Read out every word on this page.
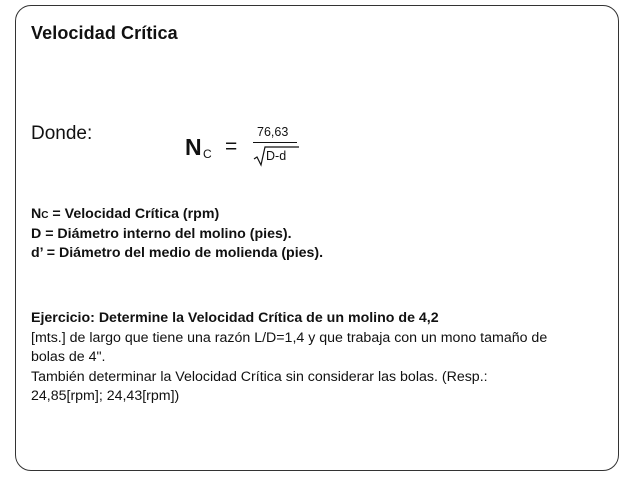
Velocidad Crítica
Donde:
N C =
76,63
D-d
NC = Velocidad Crítica (rpm)
D = Diámetro interno del molino (pies).
d’ = Diámetro del medio de molienda (pies).
Ejercicio: Determine la Velocidad Crítica de un molino de 4,2
[mts.] de largo que tiene una razón L/D=1,4 y que trabaja con un mono tamaño de
bolas de 4".
También determinar la Velocidad Crítica sin considerar las bolas. (Resp.:
24,85[rpm]; 24,43[rpm])
